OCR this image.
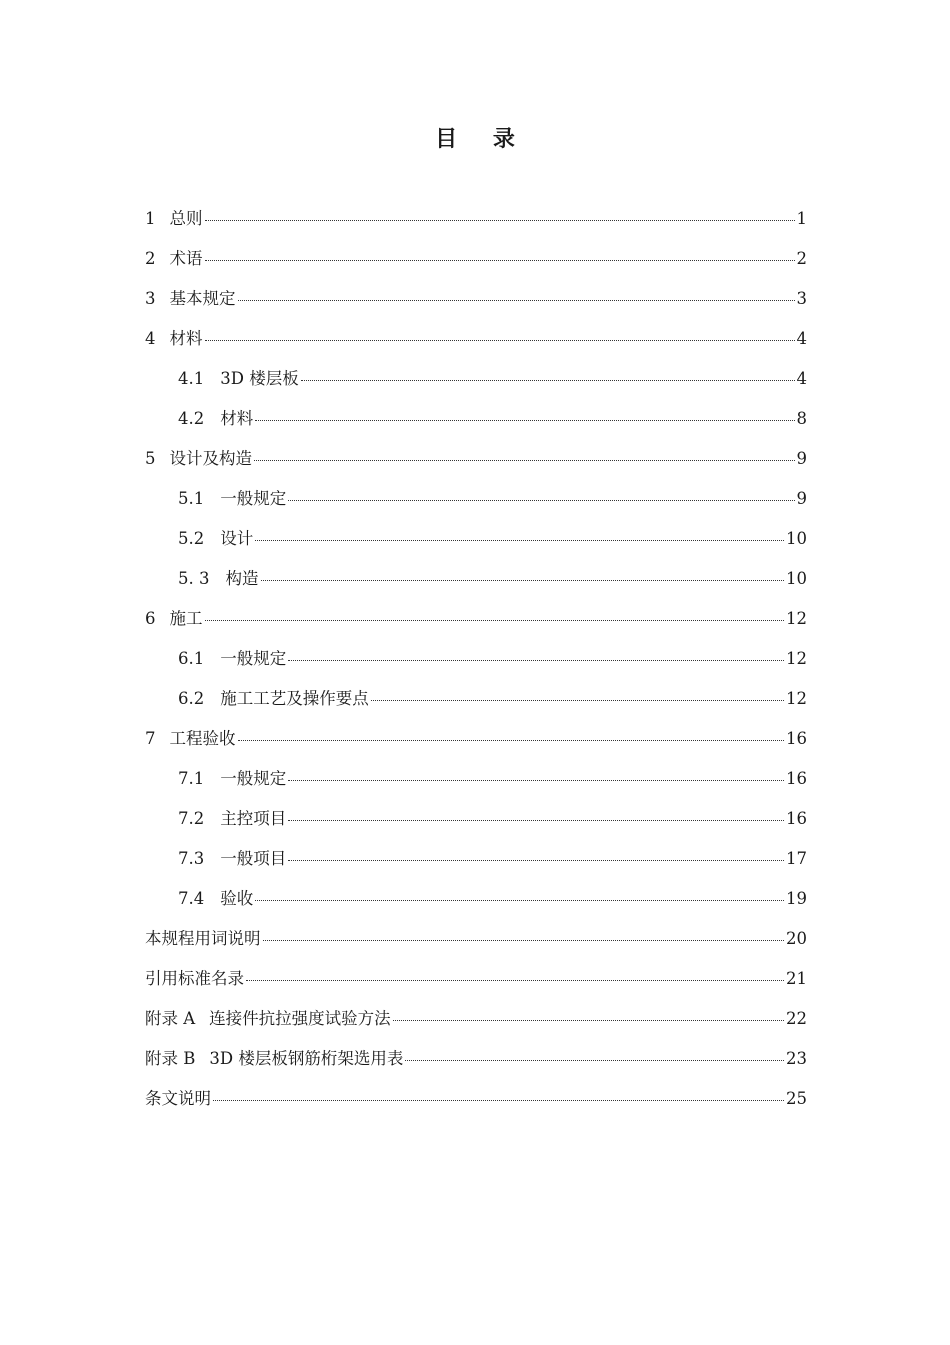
目 录
1 总则	1
2 术语	2
3 基本规定	3
4 材料	4
4.1 3D 楼层板	4
4.2 材料	8
5 设计及构造	9
5.1 一般规定	9
5.2 设计	10
5. 3 构造	10
6 施工	12
6.1 一般规定	12
6.2 施工工艺及操作要点	12
7 工程验收	16
7.1 一般规定	16
7.2 主控项目	16
7.3 一般项目	17
7.4 验收	19
本规程用词说明	20
引用标准名录	21
附录 A 连接件抗拉强度试验方法	22
附录 B 3D 楼层板钢筋桁架选用表	23
条文说明	25
